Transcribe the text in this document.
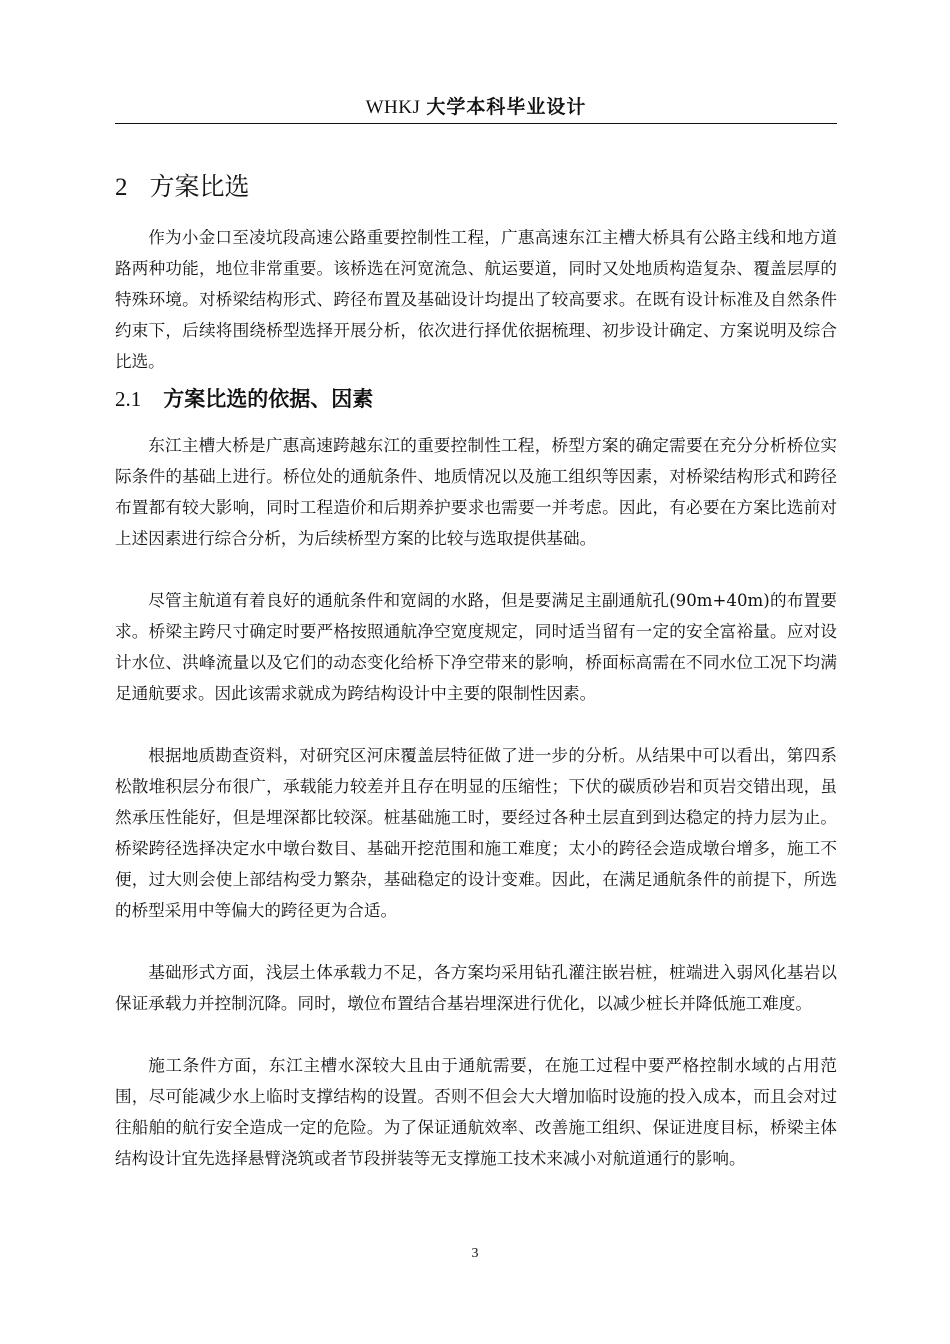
WHKJ 大学本科毕业设计
2 方案比选

作为小金口至凌坑段高速公路重要控制性工程，广惠高速东江主槽大桥具有公路主线和地方道路两种功能，地位非常重要。该桥选在河宽流急、航运要道，同时又处地质构造复杂、覆盖层厚的特殊环境。对桥梁结构形式、跨径布置及基础设计均提出了较高要求。在既有设计标准及自然条件约束下，后续将围绕桥型选择开展分析，依次进行择优依据梳理、初步设计确定、方案说明及综合比选。

2.1 方案比选的依据、因素

东江主槽大桥是广惠高速跨越东江的重要控制性工程，桥型方案的确定需要在充分分析桥位实际条件的基础上进行。桥位处的通航条件、地质情况以及施工组织等因素，对桥梁结构形式和跨径布置都有较大影响，同时工程造价和后期养护要求也需要一并考虑。因此，有必要在方案比选前对上述因素进行综合分析，为后续桥型方案的比较与选取提供基础。

尽管主航道有着良好的通航条件和宽阔的水路，但是要满足主副通航孔(90m+40m)的布置要求。桥梁主跨尺寸确定时要严格按照通航净空宽度规定，同时适当留有一定的安全富裕量。应对设计水位、洪峰流量以及它们的动态变化给桥下净空带来的影响，桥面标高需在不同水位工况下均满足通航要求。因此该需求就成为跨结构设计中主要的限制性因素。

根据地质勘查资料，对研究区河床覆盖层特征做了进一步的分析。从结果中可以看出，第四系松散堆积层分布很广，承载能力较差并且存在明显的压缩性；下伏的碳质砂岩和页岩交错出现，虽然承压性能好，但是埋深都比较深。桩基础施工时，要经过各种土层直到到达稳定的持力层为止。桥梁跨径选择决定水中墩台数目、基础开挖范围和施工难度；太小的跨径会造成墩台增多，施工不便，过大则会使上部结构受力繁杂，基础稳定的设计变难。因此，在满足通航条件的前提下，所选的桥型采用中等偏大的跨径更为合适。

基础形式方面，浅层土体承载力不足，各方案均采用钻孔灌注嵌岩桩，桩端进入弱风化基岩以保证承载力并控制沉降。同时，墩位布置结合基岩埋深进行优化，以减少桩长并降低施工难度。

施工条件方面，东江主槽水深较大且由于通航需要，在施工过程中要严格控制水域的占用范围，尽可能减少水上临时支撑结构的设置。否则不但会大大增加临时设施的投入成本，而且会对过往船舶的航行安全造成一定的危险。为了保证通航效率、改善施工组织、保证进度目标，桥梁主体结构设计宜先选择悬臂浇筑或者节段拼装等无支撑施工技术来减小对航道通行的影响。

3
